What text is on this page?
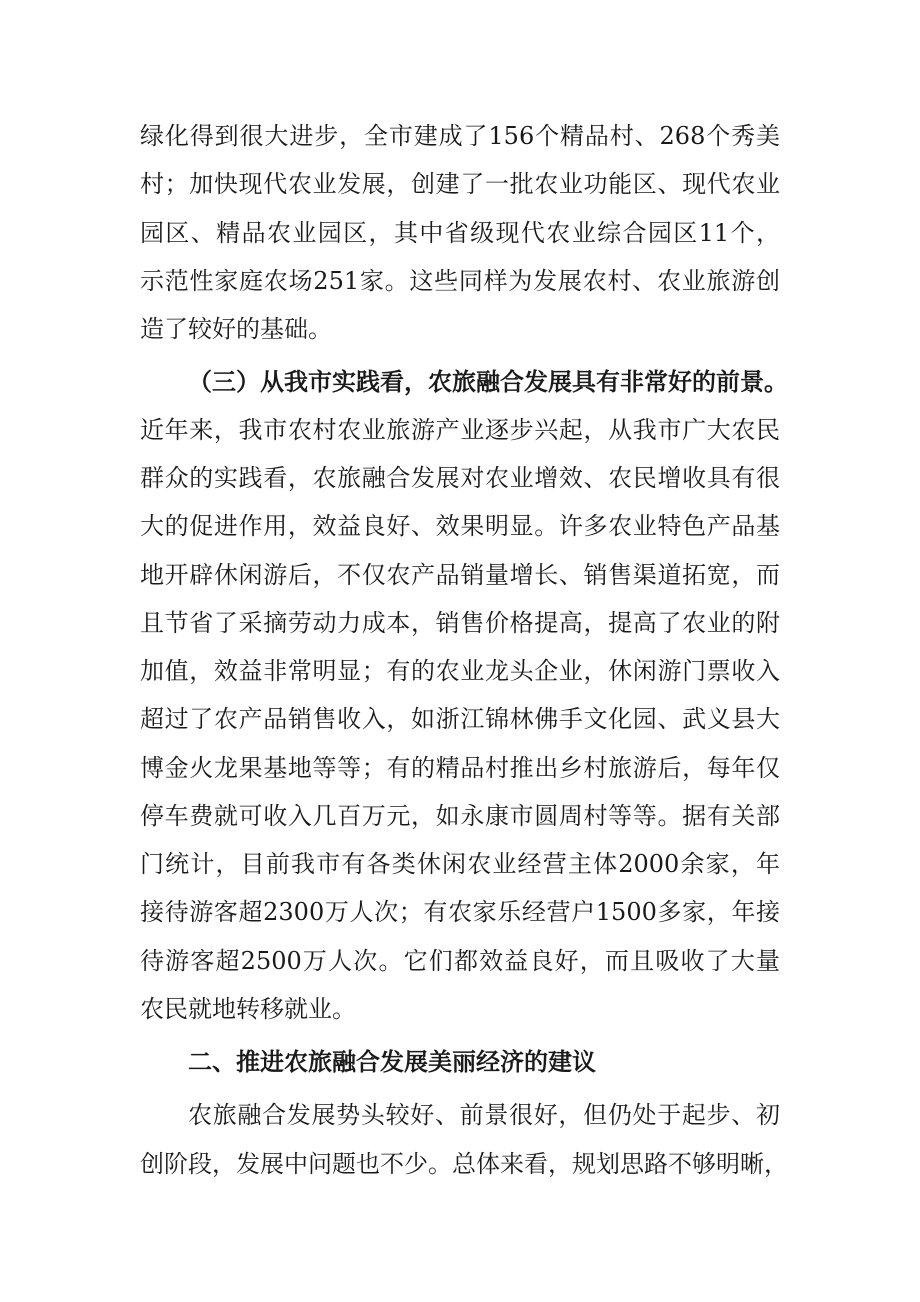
绿化得到很大进步，全市建成了156个精品村、268个秀美
村；加快现代农业发展，创建了一批农业功能区、现代农业
园区、精品农业园区，其中省级现代农业综合园区11个，
示范性家庭农场251家。这些同样为发展农村、农业旅游创
造了较好的基础。
（三）从我市实践看，农旅融合发展具有非常好的前景。
近年来，我市农村农业旅游产业逐步兴起，从我市广大农民
群众的实践看，农旅融合发展对农业增效、农民增收具有很
大的促进作用，效益良好、效果明显。许多农业特色产品基
地开辟休闲游后，不仅农产品销量增长、销售渠道拓宽，而
且节省了采摘劳动力成本，销售价格提高，提高了农业的附
加值，效益非常明显；有的农业龙头企业，休闲游门票收入
超过了农产品销售收入，如浙江锦林佛手文化园、武义县大
博金火龙果基地等等；有的精品村推出乡村旅游后，每年仅
停车费就可收入几百万元，如永康市圆周村等等。据有关部
门统计，目前我市有各类休闲农业经营主体2000余家，年
接待游客超2300万人次；有农家乐经营户1500多家，年接
待游客超2500万人次。它们都效益良好，而且吸收了大量
农民就地转移就业。
二、推进农旅融合发展美丽经济的建议
农旅融合发展势头较好、前景很好，但仍处于起步、初
创阶段，发展中问题也不少。总体来看，规划思路不够明晰，
